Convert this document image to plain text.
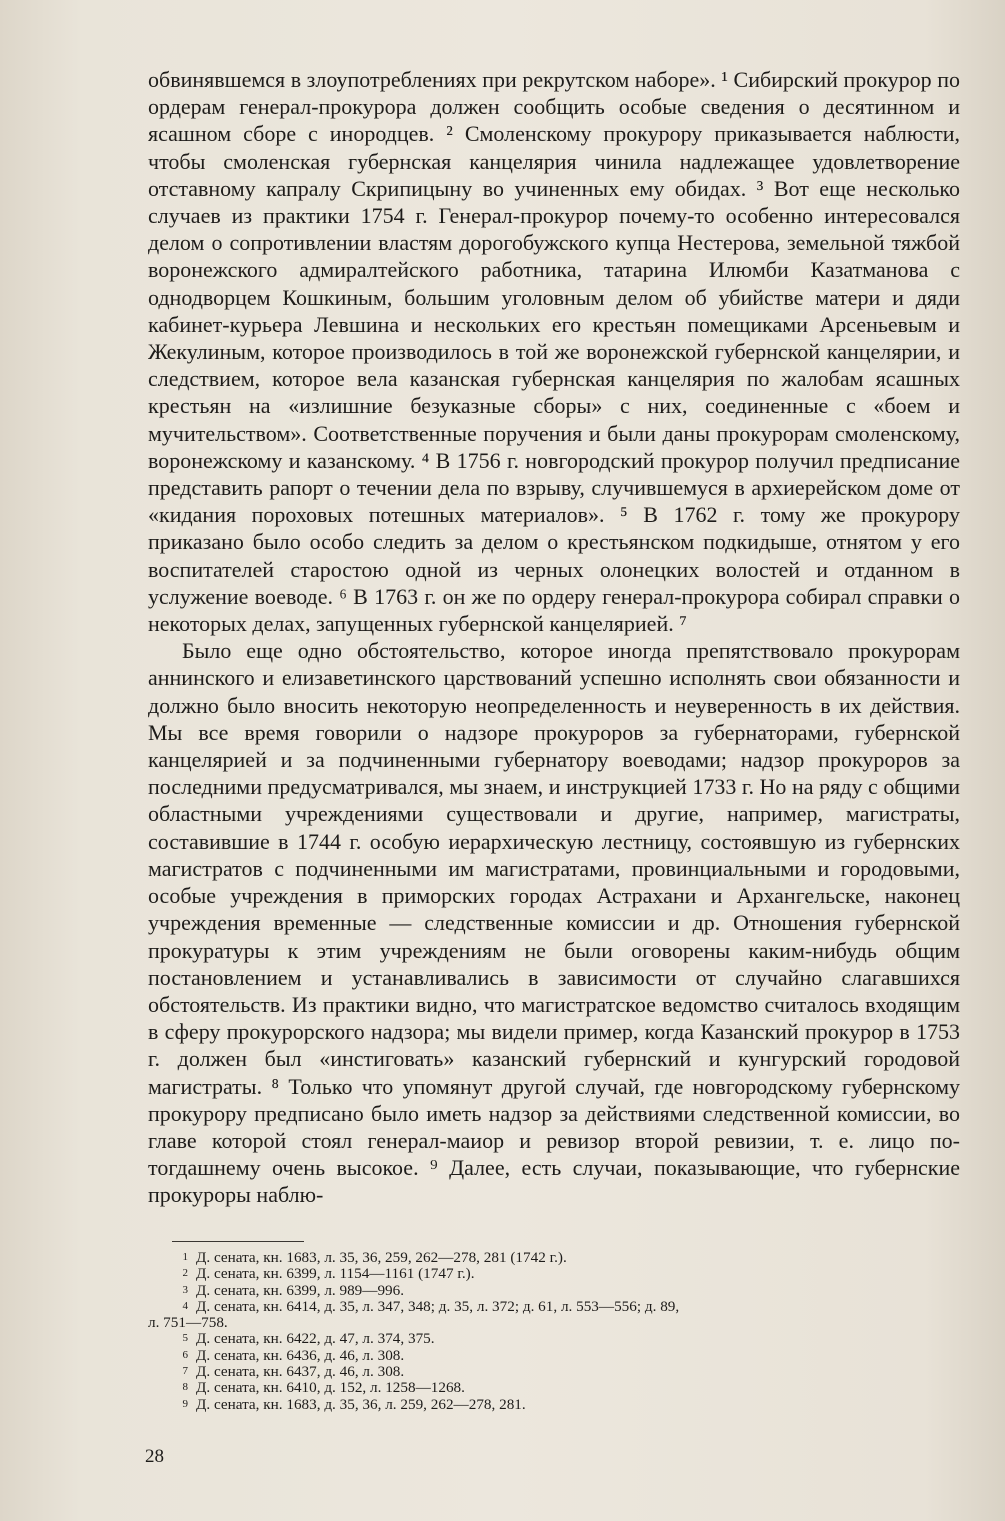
обвинявшемся в злоупотреблениях при рекрутском наборе». ¹ Сибирский прокурор по ордерам генерал-прокурора должен сообщить особые сведения о десятинном и ясашном сборе с инородцев. ² Смоленскому прокурору приказывается наблюсти, чтобы смоленская губернская канцелярия чинила надлежащее удовлетворение отставному капралу Скрипицыну во учиненных ему обидах. ³ Вот еще несколько случаев из практики 1754 г. Генерал-прокурор почему-то особенно интересовался делом о сопротивлении властям дорогобужского купца Нестерова, земельной тяжбой воронежского адмиралтейского работника, татарина Илюмби Казатманова с однодворцем Кошкиным, большим уголовным делом об убийстве матери и дяди кабинет-курьера Левшина и нескольких его крестьян помещиками Арсеньевым и Жекулиным, которое производилось в той же воронежской губернской канцелярии, и следствием, которое вела казанская губернская канцелярия по жалобам ясашных крестьян на «излишние безуказные сборы» с них, соединенные с «боем и мучительством». Соответственные поручения и были даны прокурорам смоленскому, воронежскому и казанскому. ⁴ В 1756 г. новгородский прокурор получил предписание представить рапорт о течении дела по взрыву, случившемуся в архиерейском доме от «кидания пороховых потешных материалов». ⁵ В 1762 г. тому же прокурору приказано было особо следить за делом о крестьянском подкидыше, отнятом у его воспитателей старостою одной из черных олонецких волостей и отданном в услужение воеводе. ⁶ В 1763 г. он же по ордеру генерал-прокурора собирал справки о некоторых делах, запущенных губернской канцелярией. ⁷

Было еще одно обстоятельство, которое иногда препятствовало прокурорам аннинского и елизаветинского царствований успешно исполнять свои обязанности и должно было вносить некоторую неопределенность и неуверенность в их действия. Мы все время говорили о надзоре прокуроров за губернаторами, губернской канцелярией и за подчиненными губернатору воеводами; надзор прокуроров за последними предусматривался, мы знаем, и инструкцией 1733 г. Но на ряду с общими областными учреждениями существовали и другие, например, магистраты, составившие в 1744 г. особую иерархическую лестницу, состоявшую из губернских магистратов с подчиненными им магистратами, провинциальными и городовыми, особые учреждения в приморских городах Астрахани и Архангельске, наконец учреждения временные — следственные комиссии и др. Отношения губернской прокуратуры к этим учреждениям не были оговорены каким-нибудь общим постановлением и устанавливались в зависимости от случайно слагавшихся обстоятельств. Из практики видно, что магистратское ведомство считалось входящим в сферу прокурорского надзора; мы видели пример, когда Казанский прокурор в 1753 г. должен был «инстиговать» казанский губернский и кунгурский городовой магистраты. ⁸ Только что упомянут другой случай, где новгородскому губернскому прокурору предписано было иметь надзор за действиями следственной комиссии, во главе которой стоял генерал-маиор и ревизор второй ревизии, т. е. лицо по-тогдашнему очень высокое. ⁹ Далее, есть случаи, показывающие, что губернские прокуроры наблю-

1 Д. сената, кн. 1683, л. 35, 36, 259, 262—278, 281 (1742 г.).
2 Д. сената, кн. 6399, л. 1154—1161 (1747 г.).
3 Д. сената, кн. 6399, л. 989—996.
4 Д. сената, кн. 6414, д. 35, л. 347, 348; д. 35, л. 372; д. 61, л. 553—556; д. 89,
л. 751—758.
5 Д. сената, кн. 6422, д. 47, л. 374, 375.
6 Д. сената, кн. 6436, д. 46, л. 308.
7 Д. сената, кн. 6437, д. 46, л. 308.
8 Д. сената, кн. 6410, д. 152, л. 1258—1268.
9 Д. сената, кн. 1683, д. 35, 36, л. 259, 262—278, 281.
28
